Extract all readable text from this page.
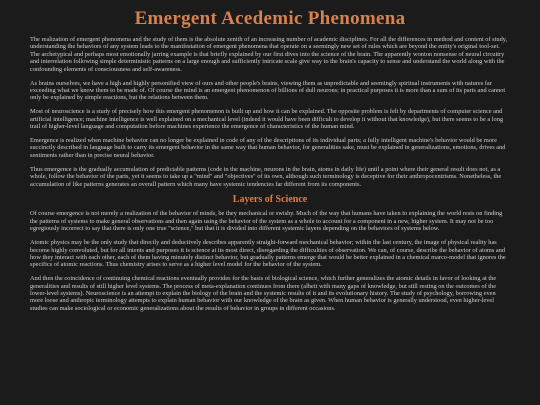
Emergent Acedemic Phenomena

The realization of emergent phenomena and the study of them is the absolute zenith of an increasing number of academic disciplines. For all the differences in method and content of study, understanding the behaviors of any system leads to the manifestation of emergent phenomena that operate on a seemingly new set of rules which are beyond the entity's original tool-set. The archetypical and perhaps most emotionally jarring example is that briefly explained by our first dives into the science of the brain. The apparently wonton nonsense of neural circuitry and interrelation following simple deterministic patterns on a large enough and sufficiently intricate scale give way to the brain's capacity to sense and understand the world along with the confounding elements of consciousness and self-awareness.

As brains ourselves, we have a high and highly personified view of ours and other people's brains, viewing them as unpredictable and seemingly spiritual instruments with natures far exceeding what we know them to be made of. Of course the mind is an emergent phenomenon of billions of dull neurons; in practical purposes it is more than a sum of its parts and cannot only be explained by simple reactions, but the relations between them.

Most of neuroscience is a study of precisely how this emergent phenomenon is built up and how it can be explained. The opposite problem is felt by departments of computer science and artificial intelligence; machine intelligence is well explained on a mechanical level (indeed it would have been difficult to develop it without that knowledge), but there seems to be a long trail of higher-level language and computation before machines experience the emergence of characteristics of the human mind.

Emergence is realized when machine behavior can no longer be explained in code of any of the descriptions of its individual parts; a fully intelligent machine's behavior would be more succinctly described in language built to carry its emergent behavior in the same way that human behavior, for generalities sake, must be explained in generalizations, emotions, drives and sentiments rather than in precise neural behavior.

Thus emergence is the gradually accumulation of predictable patterns (code in the machine, neurons in the brain, atoms in daily life) until a point where their general result does not, as a whole, follow the behavior of the parts, yet it seems to take up a "mind" and "objectives" of its own, although such terminology is deceptive for their anthropocentrisms. Nonetheless, the accumulation of like patterns generates an overall pattern which many have systemic tendencies far different from its components.

Layers of Science

Of course emergence is not merely a realization of the behavior of minds, be they mechanical or swishy. Much of the way that humans have taken to explaining the world rests on finding the patterns of systems to make general observations and then again using the behavior of the system as a whole to account for a component in a new, higher system. It may not be too egregiously incorrect to say that there is only one true "science," but that it is divided into different systemic layers depending on the behaviors of systems below.

Atomic physics may be the only study that directly and deductively describes apparently straight-forward mechanical behavior; within the last century, the image of physical reality has become highly convoluted, but for all intents and purposes it is science at its most direct, disregarding the difficulties of observation. We can, of course, describe the behavior of atoms and how they interact with each other, each of them having minutely distinct behavior, but gradually patterns emerge that would be better explained in a chemical marco-model that ignores the specifics of atomic reactions. Thus chemistry arises to serve as a higher level model for the behavior of the system.

And then the coincidence of continuing chemical reactions eventually provides for the basis of biological science, which further generalizes the atomic details in favor of looking at the generalities and results of still higher level systems. The process of meta-explanation continues from there (albeit with many gaps of knowledge, but still resting on the outcomes of the lower-level systems). Neuroscience is an attempt to explain the biology of the brain and the systemic results of it and its evolutionary history. The study of psychology, borrowing even more loose and anthropic terminology attempts to explain human behavior with our knowledge of the brain as given. When human behavior is generally understood, even higher-level studies can make sociological or economic generalizations about the results of behavior in groups in different occasions.
